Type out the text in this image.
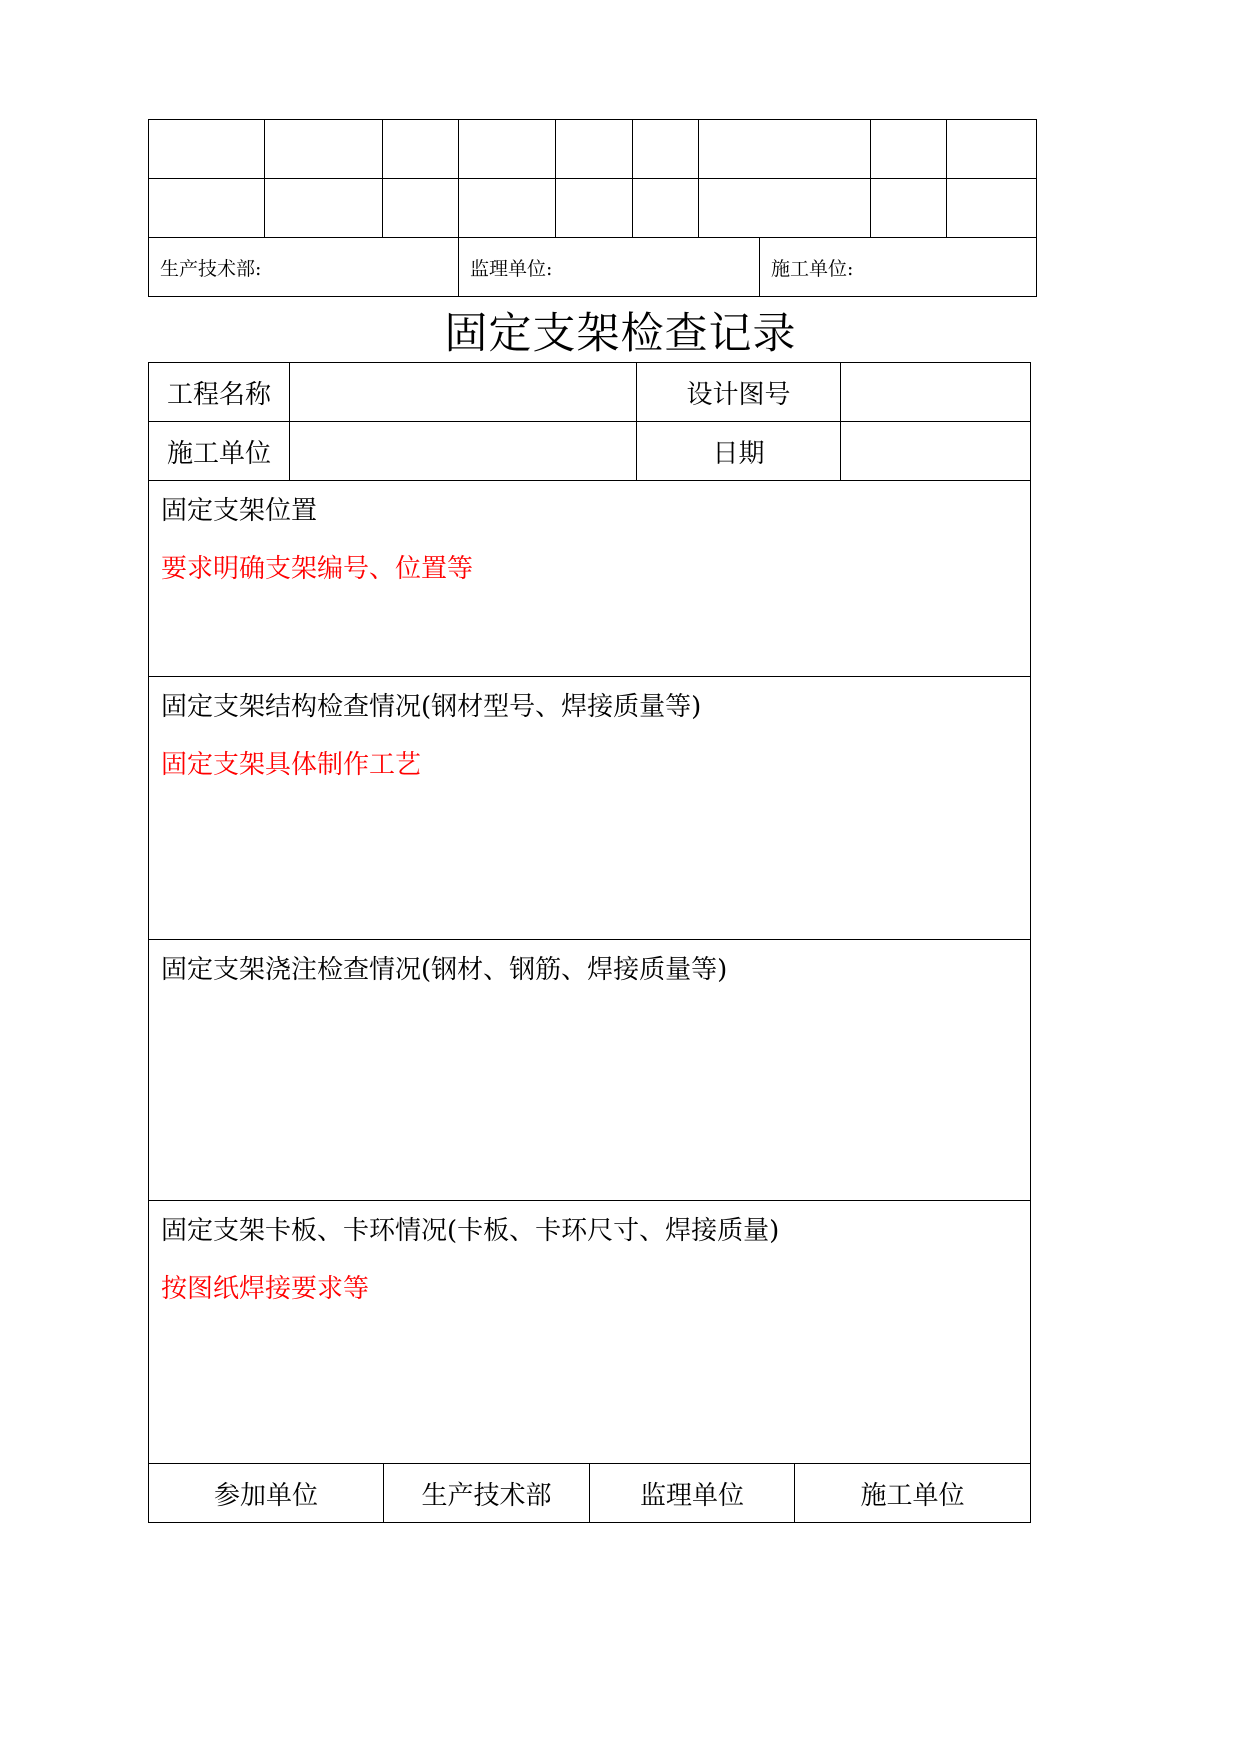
生产技术部:			监理单位:				施工单位:		
固定支架检查记录
工程名称				设计图号		
施工单位				日期		

固定支架位置
要求明确支架编号、位置等						

固定支架结构检查情况(钢材型号、焊接质量等)
固定支架具体制作工艺						

固定支架浇注检查情况(钢材、钢筋、焊接质量等)						

固定支架卡板、卡环情况(卡板、卡环尺寸、焊接质量)
按图纸焊接要求等						

参加单位		生产技术部	监理单位		施工单位	
